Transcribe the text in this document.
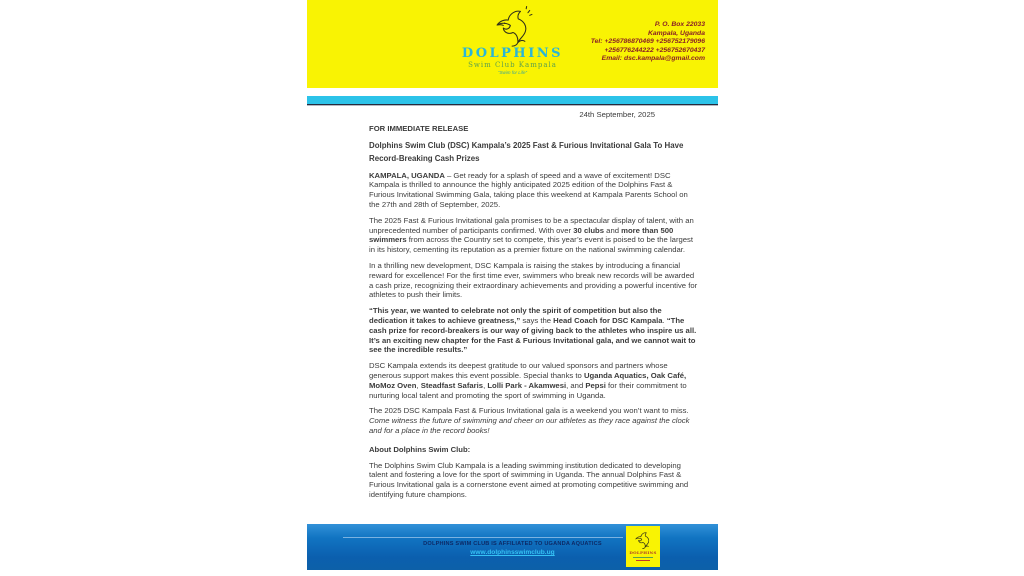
DOLPHINS
Swim Club Kampala
“Swim for Life”
P. O. Box 22033
Kampala, Uganda
Tel: +256786870469 +256752179096
+256776244222 +256752670437
Email: dsc.kampala@gmail.com

24th September, 2025

FOR IMMEDIATE RELEASE

Dolphins Swim Club (DSC) Kampala’s 2025 Fast & Furious Invitational Gala To Have Record-Breaking Cash Prizes

KAMPALA, UGANDA – Get ready for a splash of speed and a wave of excitement! DSC Kampala is thrilled to announce the highly anticipated 2025 edition of the Dolphins Fast & Furious Invitational Swimming Gala, taking place this weekend at Kampala Parents School on the 27th and 28th of September, 2025.

The 2025 Fast & Furious Invitational gala promises to be a spectacular display of talent, with an unprecedented number of participants confirmed. With over 30 clubs and more than 500 swimmers from across the Country set to compete, this year’s event is poised to be the largest in its history, cementing its reputation as a premier fixture on the national swimming calendar.

In a thrilling new development, DSC Kampala is raising the stakes by introducing a financial reward for excellence! For the first time ever, swimmers who break new records will be awarded a cash prize, recognizing their extraordinary achievements and providing a powerful incentive for athletes to push their limits.

“This year, we wanted to celebrate not only the spirit of competition but also the dedication it takes to achieve greatness,” says the Head Coach for DSC Kampala. “The cash prize for record-breakers is our way of giving back to the athletes who inspire us all. It’s an exciting new chapter for the Fast & Furious Invitational gala, and we cannot wait to see the incredible results.”

DSC Kampala extends its deepest gratitude to our valued sponsors and partners whose generous support makes this event possible. Special thanks to Uganda Aquatics, Oak Café, MoMoz Oven, Steadfast Safaris, Lolli Park - Akamwesi, and Pepsi for their commitment to nurturing local talent and promoting the sport of swimming in Uganda.

The 2025 DSC Kampala Fast & Furious Invitational gala is a weekend you won’t want to miss. Come witness the future of swimming and cheer on our athletes as they race against the clock and for a place in the record books!

About Dolphins Swim Club:

The Dolphins Swim Club Kampala is a leading swimming institution dedicated to developing talent and fostering a love for the sport of swimming in Uganda. The annual Dolphins Fast & Furious Invitational gala is a cornerstone event aimed at promoting competitive swimming and identifying future champions.

DOLPHINS SWIM CLUB IS AFFILIATED TO UGANDA AQUATICS
www.dolphinsswimclub.ug	DOLPHINS
